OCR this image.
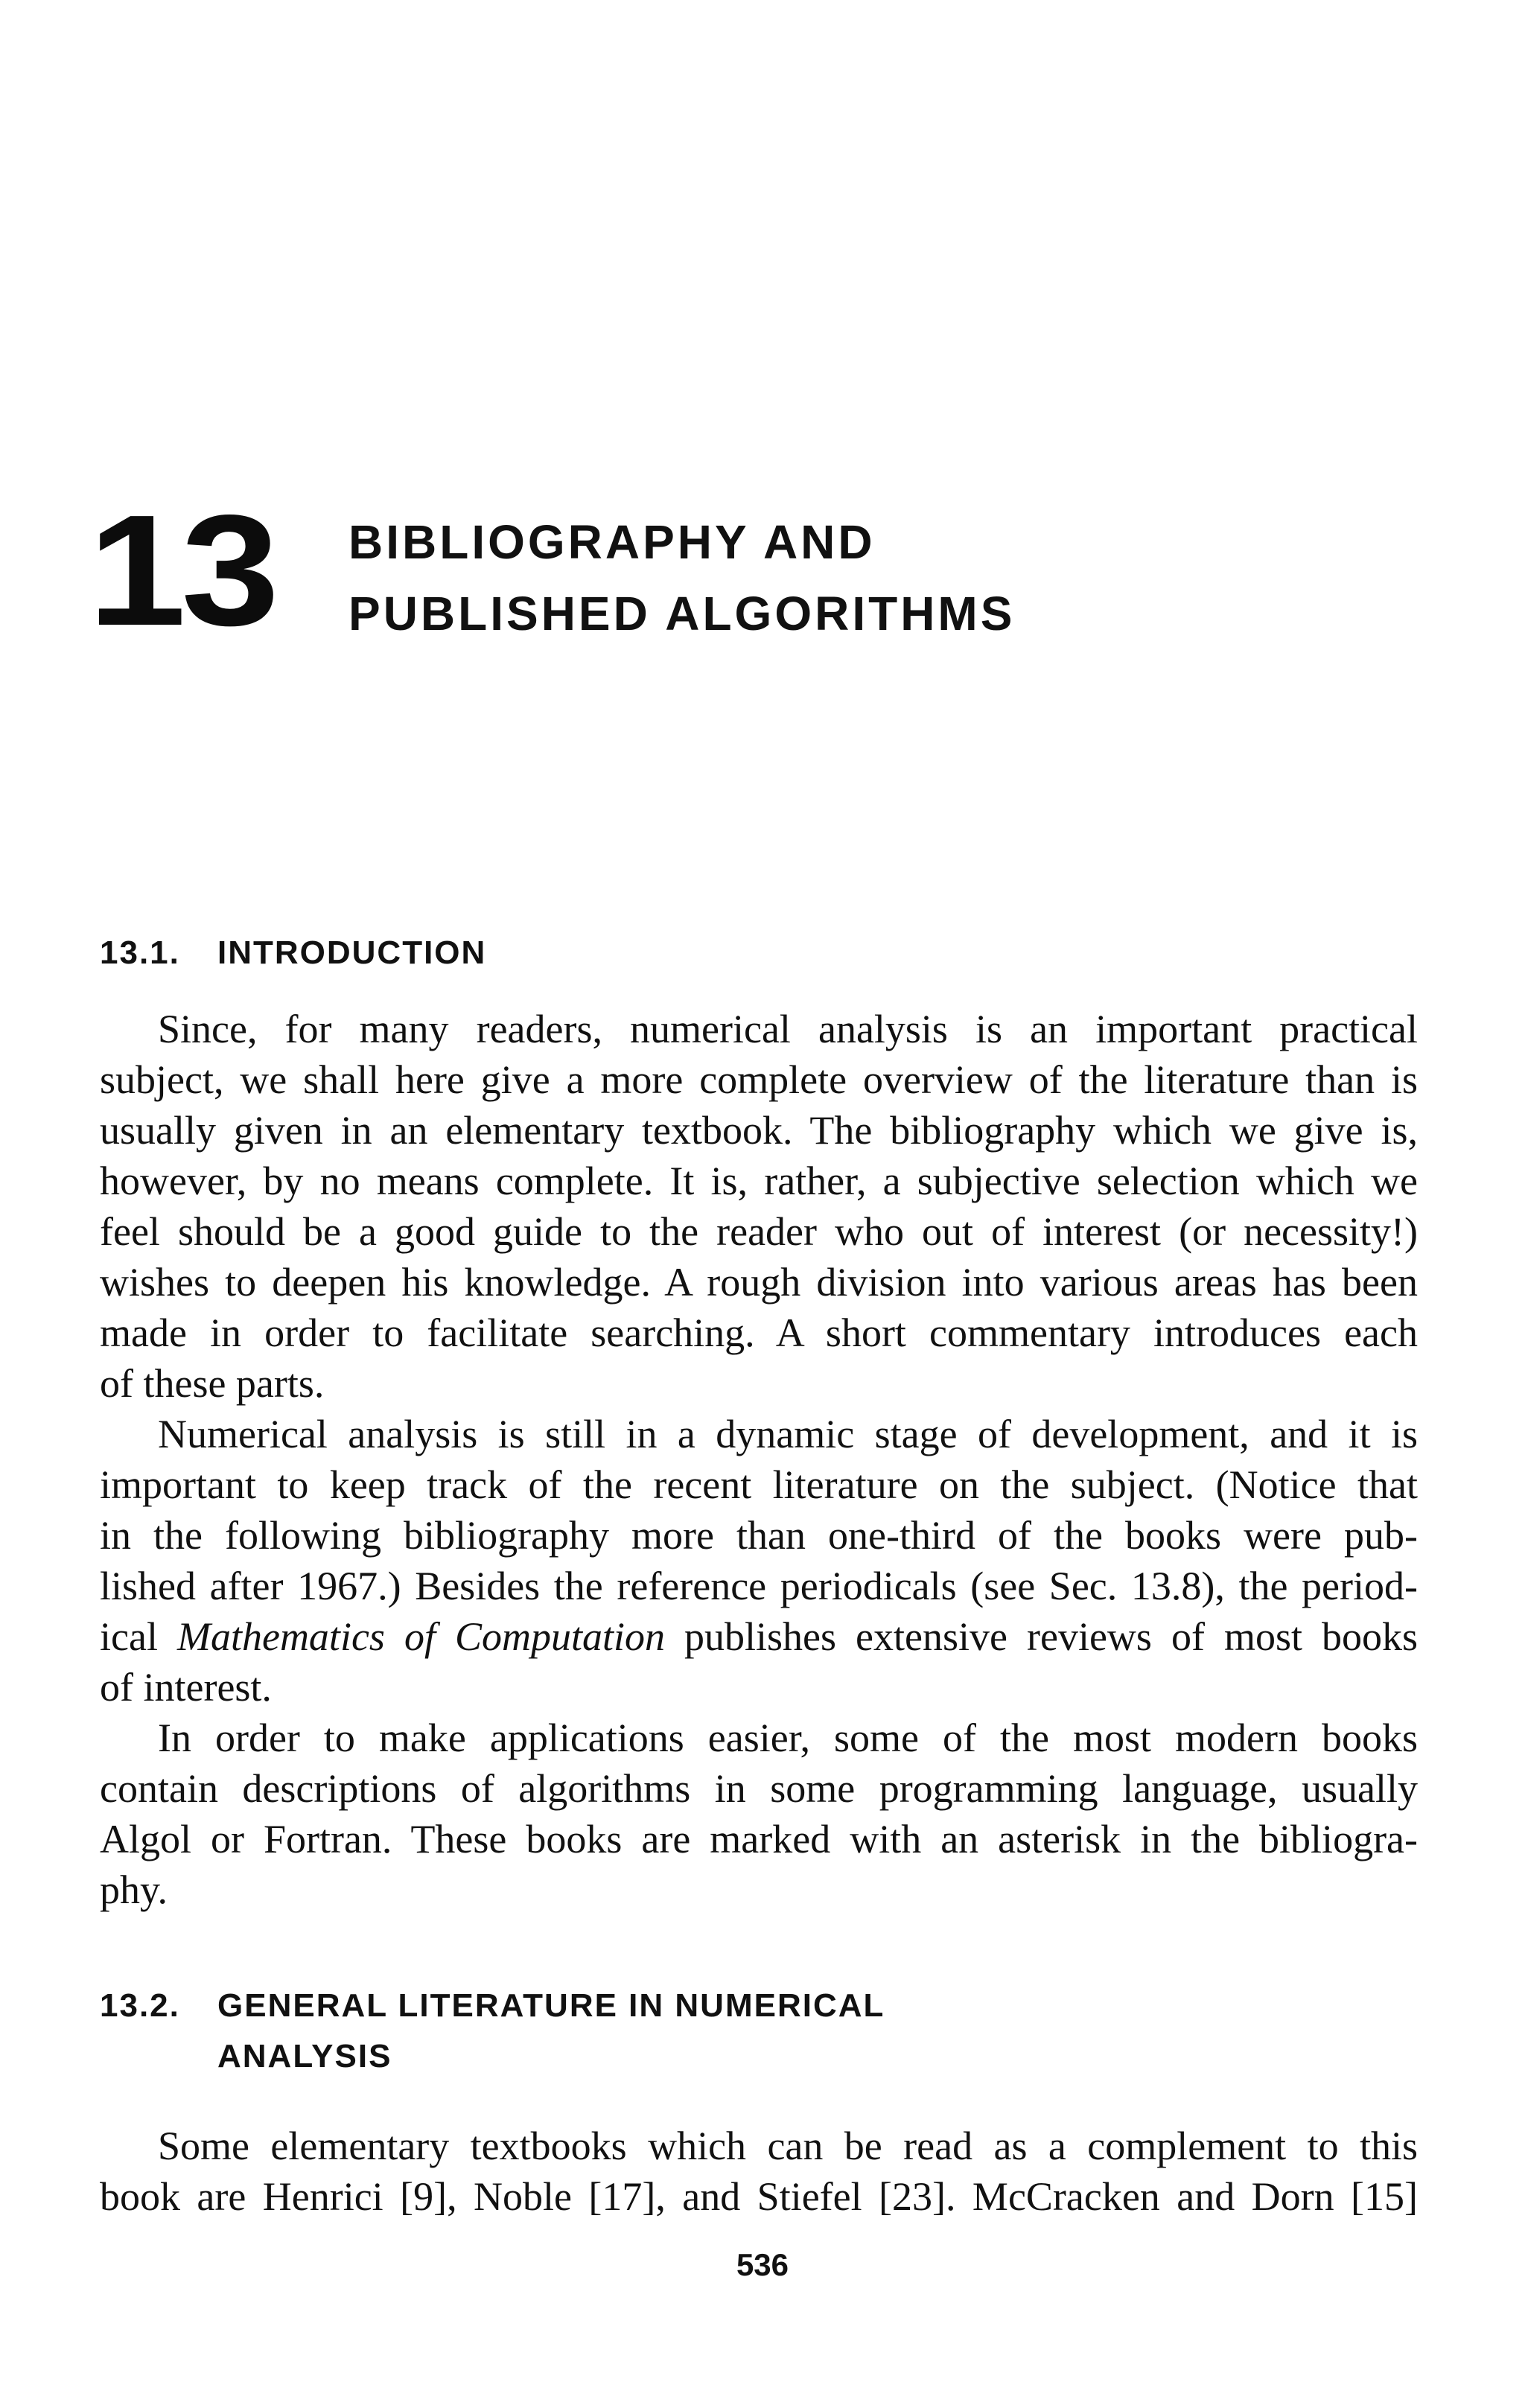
13 BIBLIOGRAPHY AND
PUBLISHED ALGORITHMS
13.1. INTRODUCTION
Since, for many readers, numerical analysis is an important practical
subject, we shall here give a more complete overview of the literature than is
usually given in an elementary textbook. The bibliography which we give is,
however, by no means complete. It is, rather, a subjective selection which we
feel should be a good guide to the reader who out of interest (or necessity!)
wishes to deepen his knowledge. A rough division into various areas has been
made in order to facilitate searching. A short commentary introduces each
of these parts.
Numerical analysis is still in a dynamic stage of development, and it is
important to keep track of the recent literature on the subject. (Notice that
in the following bibliography more than one-third of the books were pub-
lished after 1967.) Besides the reference periodicals (see Sec. 13.8), the period-
ical Mathematics of Computation publishes extensive reviews of most books
of interest.
In order to make applications easier, some of the most modern books
contain descriptions of algorithms in some programming language, usually
Algol or Fortran. These books are marked with an asterisk in the bibliogra-
phy.
13.2. GENERAL LITERATURE IN NUMERICAL
ANALYSIS
Some elementary textbooks which can be read as a complement to this
book are Henrici [9], Noble [17], and Stiefel [23]. McCracken and Dorn [15]
536
